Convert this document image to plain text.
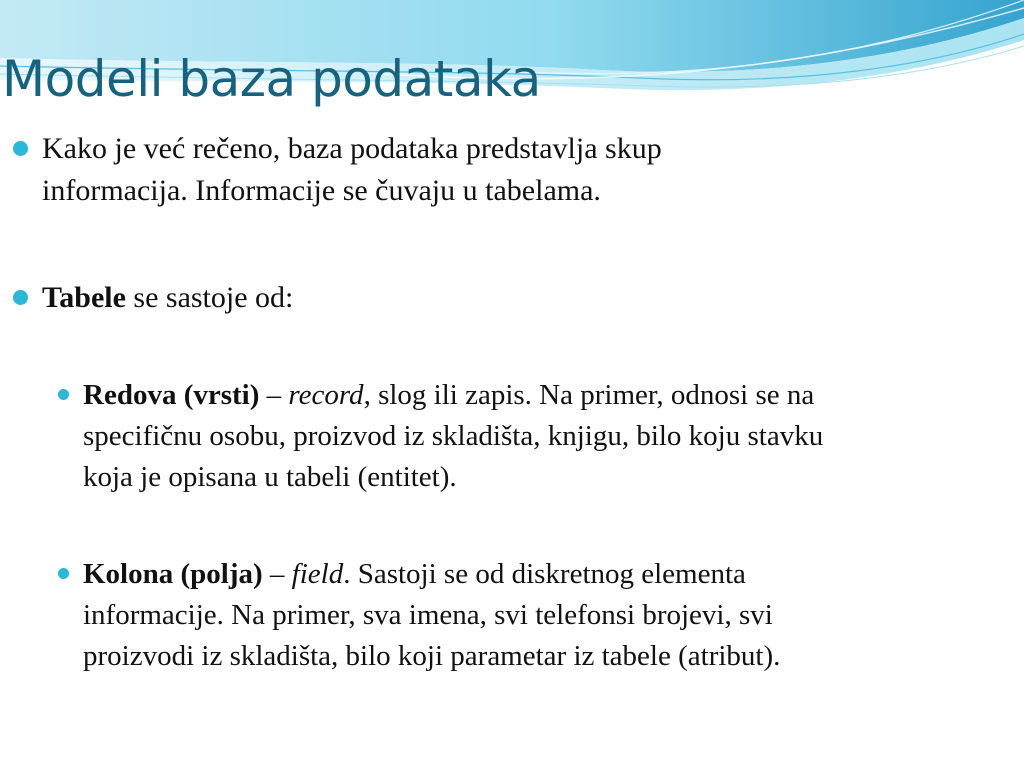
Modeli baza podataka
Kako je već rečeno, baza podataka predstavlja skup
informacija. Informacije se čuvaju u tabelama.
Tabele se sastoje od:
Redova (vrsti) – record, slog ili zapis. Na primer, odnosi se na
specifičnu osobu, proizvod iz skladišta, knjigu, bilo koju stavku
koja je opisana u tabeli (entitet).
Kolona (polja) – field. Sastoji se od diskretnog elementa
informacije. Na primer, sva imena, svi telefonsi brojevi, svi
proizvodi iz skladišta, bilo koji parametar iz tabele (atribut).
